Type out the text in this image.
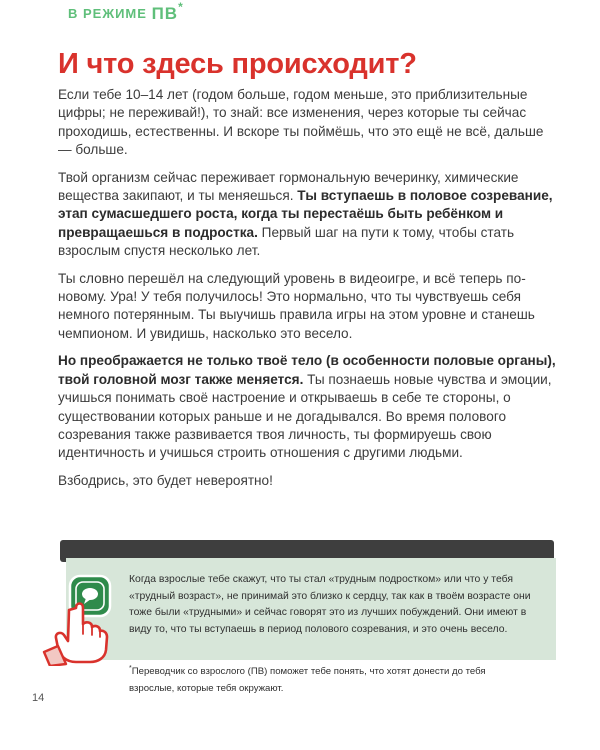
И что здесь происходит?

Если тебе 10–14 лет (годом больше, годом меньше, это приблизительные цифры; не переживай!), то знай: все изменения, через которые ты сейчас проходишь, естественны. И вскоре ты поймёшь, что это ещё не всё, дальше — больше.

Твой организм сейчас переживает гормональную вечеринку, химические вещества закипают, и ты меняешься. Ты вступаешь в половое созревание, этап сумасшедшего роста, когда ты перестаёшь быть ребёнком и превращаешься в подростка. Первый шаг на пути к тому, чтобы стать взрослым спустя несколько лет.

Ты словно перешёл на следующий уровень в видеоигре, и всё теперь по-новому. Ура! У тебя получилось! Это нормально, что ты чувствуешь себя немного потерянным. Ты выучишь правила игры на этом уровне и станешь чемпионом. И увидишь, насколько это весело.

Но преображается не только твоё тело (в особенности половые органы), твой головной мозг также меняется. Ты познаешь новые чувства и эмоции, учишься понимать своё настроение и открываешь в себе те стороны, о существовании которых раньше и не догадывался. Во время полового созревания также развивается твоя личность, ты формируешь свою идентичность и учишься строить отношения с другими людьми.

Взбодрись, это будет невероятно!

В РЕЖИМЕ ПВ*
Когда взрослые тебе скажут, что ты стал «трудным подростком» или что у тебя «трудный возраст», не принимай это близко к сердцу, так как в твоём возрасте они тоже были «трудными» и сейчас говорят это из лучших побуждений. Они имеют в виду то, что ты вступаешь в период полового созревания, и это очень весело.
*Переводчик со взрослого (ПВ) поможет тебе понять, что хотят донести до тебя взрослые, которые тебя окружают.
14
